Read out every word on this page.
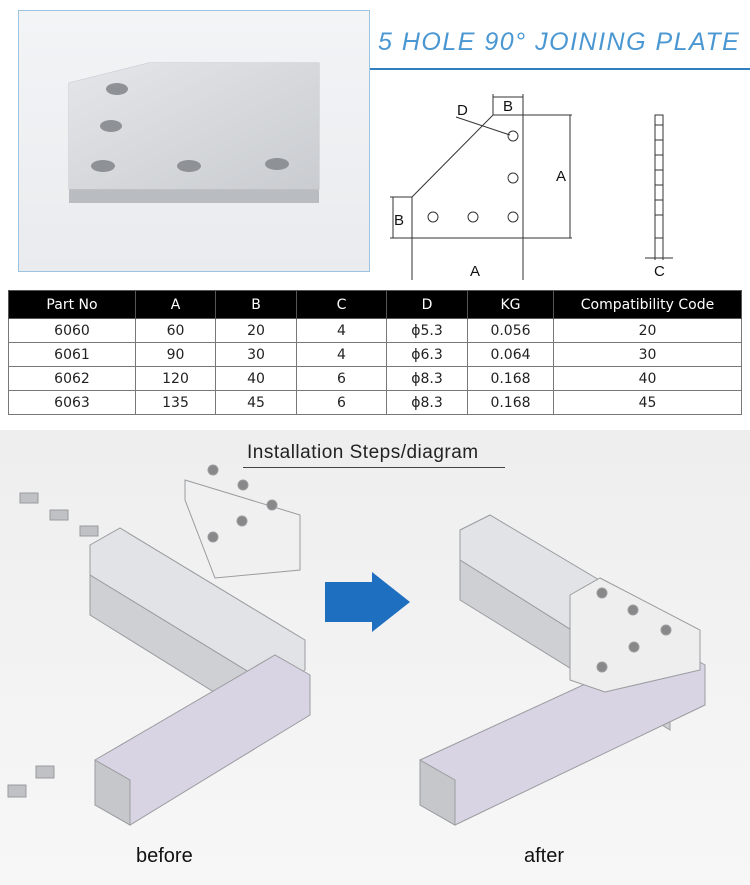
5 HOLE 90° JOINING PLATE
B
D
A
B
A	C
Part No	A	B	C	D	KG	Compatibility Code
6060	60	20	4	ϕ5.3	0.056	20
6061	90	30	4	ϕ6.3	0.064	30
6062	120	40	6	ϕ8.3	0.168	40
6063	135	45	6	ϕ8.3	0.168	45
Installation Steps/diagram
before	after
